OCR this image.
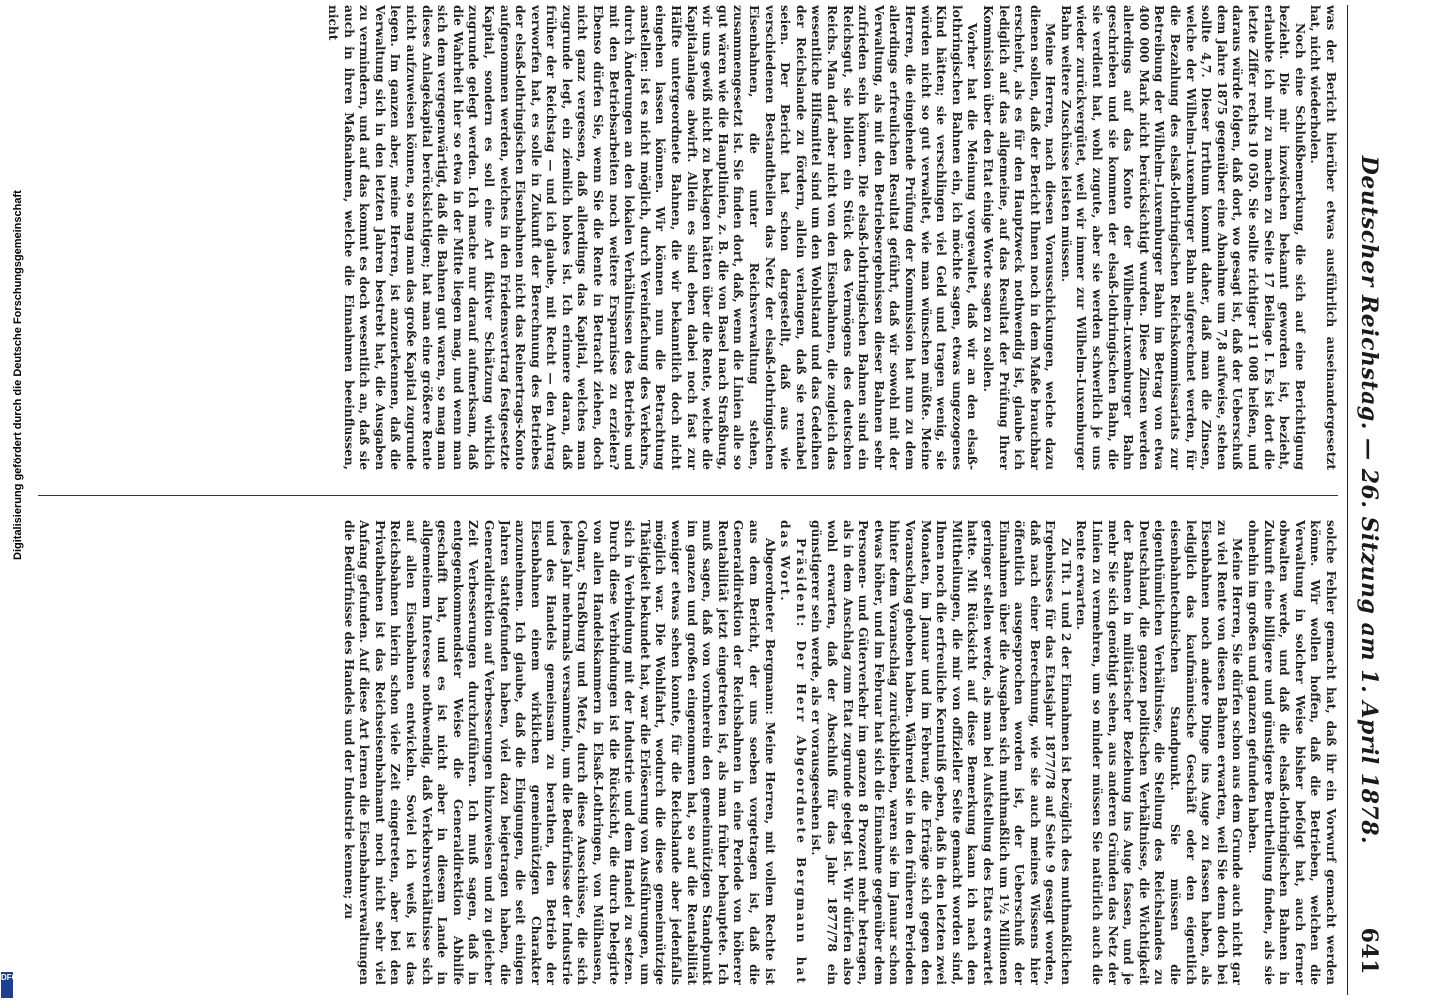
Deutscher Reichstag. — 26. Sitzung am 1. April 1878.
641

was der Bericht hierüber etwas ausführlich auseinandergesetzt hat, nicht wiederholen.

Noch eine Schlußbemerkung, die sich auf eine Berichtigung bezieht. Die mir inzwischen bekannt geworden ist, bezieht, erlaubte ich mir zu machen zu Seite 17 Beilage I. Es ist dort die letzte Ziffer rechts 10 050. Sie sollte richtiger 11 008 heißen, und daraus würde folgen, daß dort, wo gesagt ist, daß der Ueberschuß dem Jahre 1875 gegenüber eine Abnahme um 7,8 aufweise, stehen sollte 4,7. Dieser Irrthum kommt daher, daß man die Zinsen, welche der Wilhelm-Luxemburger Bahn aufgerechnet werden, für die Bezahlung des elsaß-lothringischen Reichskommissariats zur Betreibung der Wilhelm-Luxemburger Bahn im Betrag von etwa 400 000 Mark nicht berücksichtigt wurden. Diese Zinsen werden allerdings auf das Konto der Wilhelm-Luxemburger Bahn geschrieben und sie kommen der elsaß-lothringischen Bahn, die sie verdient hat, wohl zugute, aber sie werden schwerlich je uns wieder zurückvergütet, weil wir immer zur Wilhelm-Luxemburger Bahn weitere Zuschüsse leisten müssen.

Meine Herren, nach diesen Vorausschickungen, welche dazu dienen sollen, daß der Bericht Ihnen noch in dem Maße brauchbar erscheint, als es für den Hauptzweck nothwendig ist, glaube ich lediglich auf das allgemeine, auf das Resultat der Prüfung Ihrer Kommission über den Etat einige Worte sagen zu sollen.

Vorher hat die Meinung vorgewaltet, daß wir an den elsaß-lothringischen Bahnen ein, ich möchte sagen, etwas ungezogenes Kind hätten; sie verschlingen viel Geld und tragen wenig, sie würden nicht so gut verwaltet, wie man wünschen müßte. Meine Herren, die eingehende Prüfung der Kommission hat nun zu dem allerdings erfreulichen Resultat geführt, daß wir sowohl mit der Verwaltung, als mit den Betriebsergebnissen dieser Bahnen sehr zufrieden sein können. Die elsaß-lothringischen Bahnen sind ein Reichsgut, sie bilden ein Stück des Vermögens des deutschen Reichs. Man darf aber nicht von den Eisenbahnen, die zugleich das wesentliche Hilfsmittel sind um den Wohlstand und das Gedeihen der Reichslande zu fördern, allein verlangen, daß sie rentabel seien. Der Bericht hat schon dargestellt, daß aus wie verschiedenen Bestandtheilen das Netz der elsaß-lothringischen Eisenbahnen, die unter Reichsverwaltung stehen, zusammengesetzt ist. Sie finden dort, daß, wenn die Linien alle so gut wären wie die Hauptlinien, z. B. die von Basel nach Straßburg, wir uns gewiß nicht zu beklagen hätten über die Rente, welche die Kapitalanlage abwirft. Allein es sind eben dabei noch fast zur Hälfte untergeordnete Bahnen, die wir bekanntlich doch nicht eingehen lassen können. Wir können nun die Betrachtung anstellen: ist es nicht möglich, durch Vereinfachung des Verkehrs, durch Änderungen an den lokalen Verhältnissen des Betriebs und mit den Betriebsarbeiten noch weitere Ersparnisse zu erzielen? Ebenso dürfen Sie, wenn Sie die Rente in Betracht ziehen, doch nicht ganz vergessen, daß allerdings das Kapital, welches man zugrunde legt, ein ziemlich hohes ist. Ich erinnere daran, daß früher der Reichstag — und ich glaube, mit Recht — den Antrag verworfen hat, es solle in Zukunft der Berechnung des Betriebes der elsaß-lothringischen Eisenbahnen nicht das Reinertrags-Konto aufgenommen werden, welches in den Friedensvertrag festgesetzte Kapital, sondern es soll eine Art fiktiver Schätzung wirklich zugrunde gelegt werden. Ich mache nur darauf aufmerksam, daß die Wahrheit hier so etwa in der Mitte liegen mag, und wenn man sich dem vergegenwärtigt, daß die Bahnen gut waren, so mag man dieses Anlagekapital berücksichtigen; hat man eine größere Rente nicht aufzuweisen können, so mag man das große Kapital zugrunde legen. Im ganzen aber, meine Herren, ist anzuerkennen, daß die Verwaltung sich in den letzten Jahren bestrebt hat, die Ausgaben zu vermindern, und auf das kommt es doch wesentlich an, daß sie auch in ihren Maßnahmen, welche die Einnahmen beeinflussen, nicht

solche Fehler gemacht hat, daß ihr ein Vorwurf gemacht werden könne. Wir wollen hoffen, daß die Betrieben, welchen die Verwaltung in solcher Weise bisher befolgt hat, auch ferner obwalten werde, und daß die elsaß-lothringischen Bahnen in Zukunft eine billigere und günstigere Beurtheilung finden, als sie ohnehin im großen und ganzen gefunden haben.

Meine Herren, Sie dürfen schon aus dem Grunde auch nicht gar zu viel Rente von diesen Bahnen erwarten, weil Sie denn doch bei Eisenbahnen noch andere Dinge ins Auge zu fassen haben, als lediglich das kaufmännische Geschäft oder den eigentlich eisenbahntechnischen Standpunkt. Sie müssen die eigenthümlichen Verhältnisse, die Stellung des Reichslandes zu Deutschland, die ganzen politischen Verhältnisse, die Wichtigkeit der Bahnen in militärischer Beziehung ins Auge fassen, und je mehr Sie sich genöthigt sehen, aus anderen Gründen das Netz der Linien zu vermehren, um so minder müssen Sie natürlich auch die Rente erwarten.

Zu Tit. 1 und 2 der Einnahmen ist bezüglich des muthmaßlichen Ergebnisses für das Etatsjahr 1877/78 auf Seite 9 gesagt worden, daß nach einer Berechnung, wie sie auch meines Wissens hier öffentlich ausgesprochen worden ist, der Ueberschuß der Einnahmen über die Ausgaben sich muthmaßlich um 1½ Millionen geringer stellen werde, als man bei Aufstellung des Etats erwartet hatte. Mit Rücksicht auf diese Bemerkung kann ich nach den Mittheilungen, die mir von offizieller Seite gemacht worden sind, Ihnen noch die erfreuliche Kenntniß geben, daß in den letzten zwei Monaten, im Januar und im Februar, die Erträge sich gegen den Voranschlag gehoben haben. Während sie in den früheren Perioden hinter dem Voranschlag zurückblieben, waren sie im Januar schon etwas höher, und im Februar hat sich die Einnahme gegenüber dem Personen- und Güterverkehr im ganzen 8 Prozent mehr betragen, als in dem Anschlag zum Etat zugrunde gelegt ist. Wir dürfen also wohl erwarten, daß der Abschluß für das Jahr 1877/78 ein günstigerer sein werde, als er vorausgesehen ist.

Präsident: Der Herr Abgeordnete Bergmann hat das Wort.

Abgeordneter Bergmann: Meine Herren, mit vollem Rechte ist aus dem Bericht, der uns soeben vorgetragen ist, daß die Generaldirektion der Reichsbahnen in eine Periode von höherer Rentabilität jetzt eingetreten ist, als man früher behauptete. Ich muß sagen, daß von vornherein den gemeinnützigen Standpunkt im ganzen und großen eingenommen hat, so auf die Rentabilität weniger etwas sehen konnte, für die Reichslande aber jedenfalls möglich war. Die Wohlfahrt, wodurch die diese gemeinnützige Thätigkeit bekundet hat, war die Erlöserung von Ausführungen, um sich in Verbindung mit der Industrie und dem Handel zu setzen. Durch diese Verbindungen ist die Rücksicht, die durch Delegirte von allen Handelskammern in Elsaß-Lothringen, von Mülhausen, Colmar, Straßburg und Metz, durch diese Ausschüsse, die sich jedes Jahr mehrmals versammeln, um die Bedürfnisse der Industrie und des Handels gemeinsam zu berathen, den Betrieb der Eisenbahnen einem wirklichen gemeinnützigen Charakter anzunehmen. Ich glaube, daß die Einigungen, die seit einigen Jahren stattgefunden haben, viel dazu beigetragen haben, die Generaldirektion auf Verbesserungen hinzuweisen und zu gleicher Zeit Verbesserungen durchzuführen. Ich muß sagen, daß in entgegenkommendster Weise die Generaldirektion Abhilfe geschafft hat, und es ist nicht aber in diesem Lande in allgemeinem Interesse nothwendig, daß Verkehrsverhältnisse sich auf allen Eisenbahnen entwickeln. Soviel ich weiß, ist das Reichsbahnen hierin schon viele Zeit eingetreten, aber bei den Privatbahnen ist das Reichseisenbahnamt noch nicht sehr viel Anfang gefunden. Auf diese Art lernen die Eisenbahnverwaltungen die Bedürfnisse des Handels und der Industrie kennen; zu

Digitalisierung gefördert durch die Deutsche Forschungsgemeinschaft
DFG
